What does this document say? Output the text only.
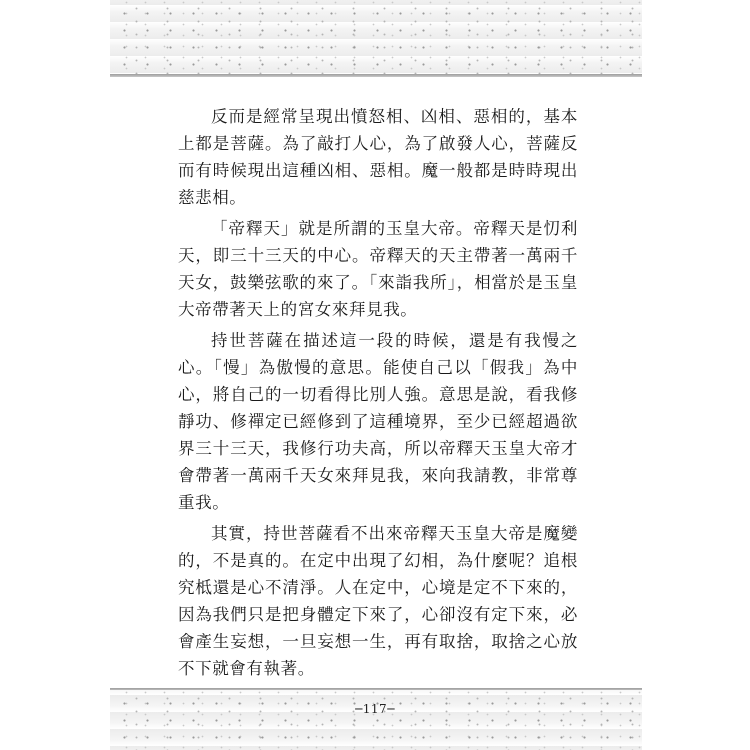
反而是經常呈現出憤怒相、凶相、惡相的，基本上都是菩薩。為了敲打人心，為了啟發人心，菩薩反而有時候現出這種凶相、惡相。魔一般都是時時現出慈悲相。

「帝釋天」就是所謂的玉皇大帝。帝釋天是忉利天，即三十三天的中心。帝釋天的天主帶著一萬兩千天女，鼓樂弦歌的來了。「來詣我所」，相當於是玉皇大帝帶著天上的宮女來拜見我。

持世菩薩在描述這一段的時候，還是有我慢之心。「慢」為傲慢的意思。能使自己以「假我」為中心，將自己的一切看得比別人強。意思是說，看我修靜功、修禪定已經修到了這種境界，至少已經超過欲界三十三天，我修行功夫高，所以帝釋天玉皇大帝才會帶著一萬兩千天女來拜見我，來向我請教，非常尊重我。

其實，持世菩薩看不出來帝釋天玉皇大帝是魔變的，不是真的。在定中出現了幻相，為什麼呢？追根究柢還是心不清淨。人在定中，心境是定不下來的，因為我們只是把身體定下來了，心卻沒有定下來，必會產生妄想，一旦妄想一生，再有取捨，取捨之心放不下就會有執著。

─117─
